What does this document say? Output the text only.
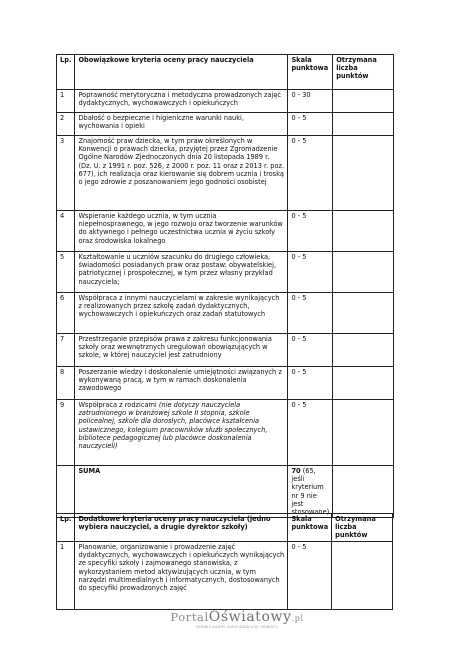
Lp.	Obowiązkowe kryteria oceny pracy nauczyciela	Skala punktowa	Otrzymana liczba punktów
1	Poprawność merytoryczna i metodyczna prowadzonych zajęć dydaktycznych, wychowawczych i opiekuńczych	0 - 30	
2	Dbałość o bezpieczne i higieniczne warunki nauki, wychowania i opieki	0 - 5	
3	Znajomość praw dziecka, w tym praw określonych w Konwencji o prawach dziecka, przyjętej przez Zgromadzenie Ogólne Narodów Zjednoczonych dnia 20 listopada 1989 r. (Dz. U. z 1991 r. poz. 526, z 2000 r. poz. 11 oraz z 2013 r. poz. 677), ich realizacja oraz kierowanie się dobrem ucznia i troską o jego zdrowie z poszanowaniem jego godności osobistej	0 - 5	
4	Wspieranie każdego ucznia, w tym ucznia niepełnosprawnego, w jego rozwoju oraz tworzenie warunków do aktywnego i pełnego uczestnictwa ucznia w życiu szkoły oraz środowiska lokalnego	0 - 5	
5	Kształtowanie u uczniów szacunku do drugiego człowieka, świadomości posiadanych praw oraz postaw: obywatelskiej, patriotycznej i prospołecznej, w tym przez własny przykład nauczyciela;	0 - 5	
6	Współpraca z innymi nauczycielami w zakresie wynikających z realizowanych przez szkołę zadań dydaktycznych, wychowawczych i opiekuńczych oraz zadań statutowych	0 - 5	
7	Przestrzeganie przepisów prawa z zakresu funkcjonowania szkoły oraz wewnętrznych uregulowań obowiązujących w szkole, w której nauczyciel jest zatrudniony	0 - 5	
8	Poszerzanie wiedzy i doskonalenie umiejętności związanych z wykonywaną pracą, w tym w ramach doskonalenia zawodowego	0 - 5	
9	Współpraca z rodzicami (nie dotyczy nauczyciela zatrudnionego w branżowej szkole II stopnia, szkole policealnej, szkole dla dorosłych, placówce kształcenia ustawicznego, kolegium pracowników służb społecznych, bibliotece pedagogicznej lub placówce doskonalenia nauczycieli)	0 - 5	
	SUMA	70 (65, jeśli kryterium nr 9 nie jest stosowane)	
Lp.	Dodatkowe kryteria oceny pracy nauczyciela (jedno wybiera nauczyciel, a drugie dyrektor szkoły)	Skala punktowa	Otrzymana liczba punktów
1	Planowanie, organizowanie i prowadzenie zajęć dydaktycznych, wychowawczych i opiekuńczych wynikających ze specyfiki szkoły i zajmowanego stanowiska, z wykorzystaniem metod aktywizujących ucznia, w tym narzędzi multimedialnych i informatycznych, dostosowanych do specyfiki prowadzonych zajęć	0 - 5	
PortalOświatowy.pl
SERWIS KADRY ZARZĄDZAJĄCEJ OŚWIATĄ
